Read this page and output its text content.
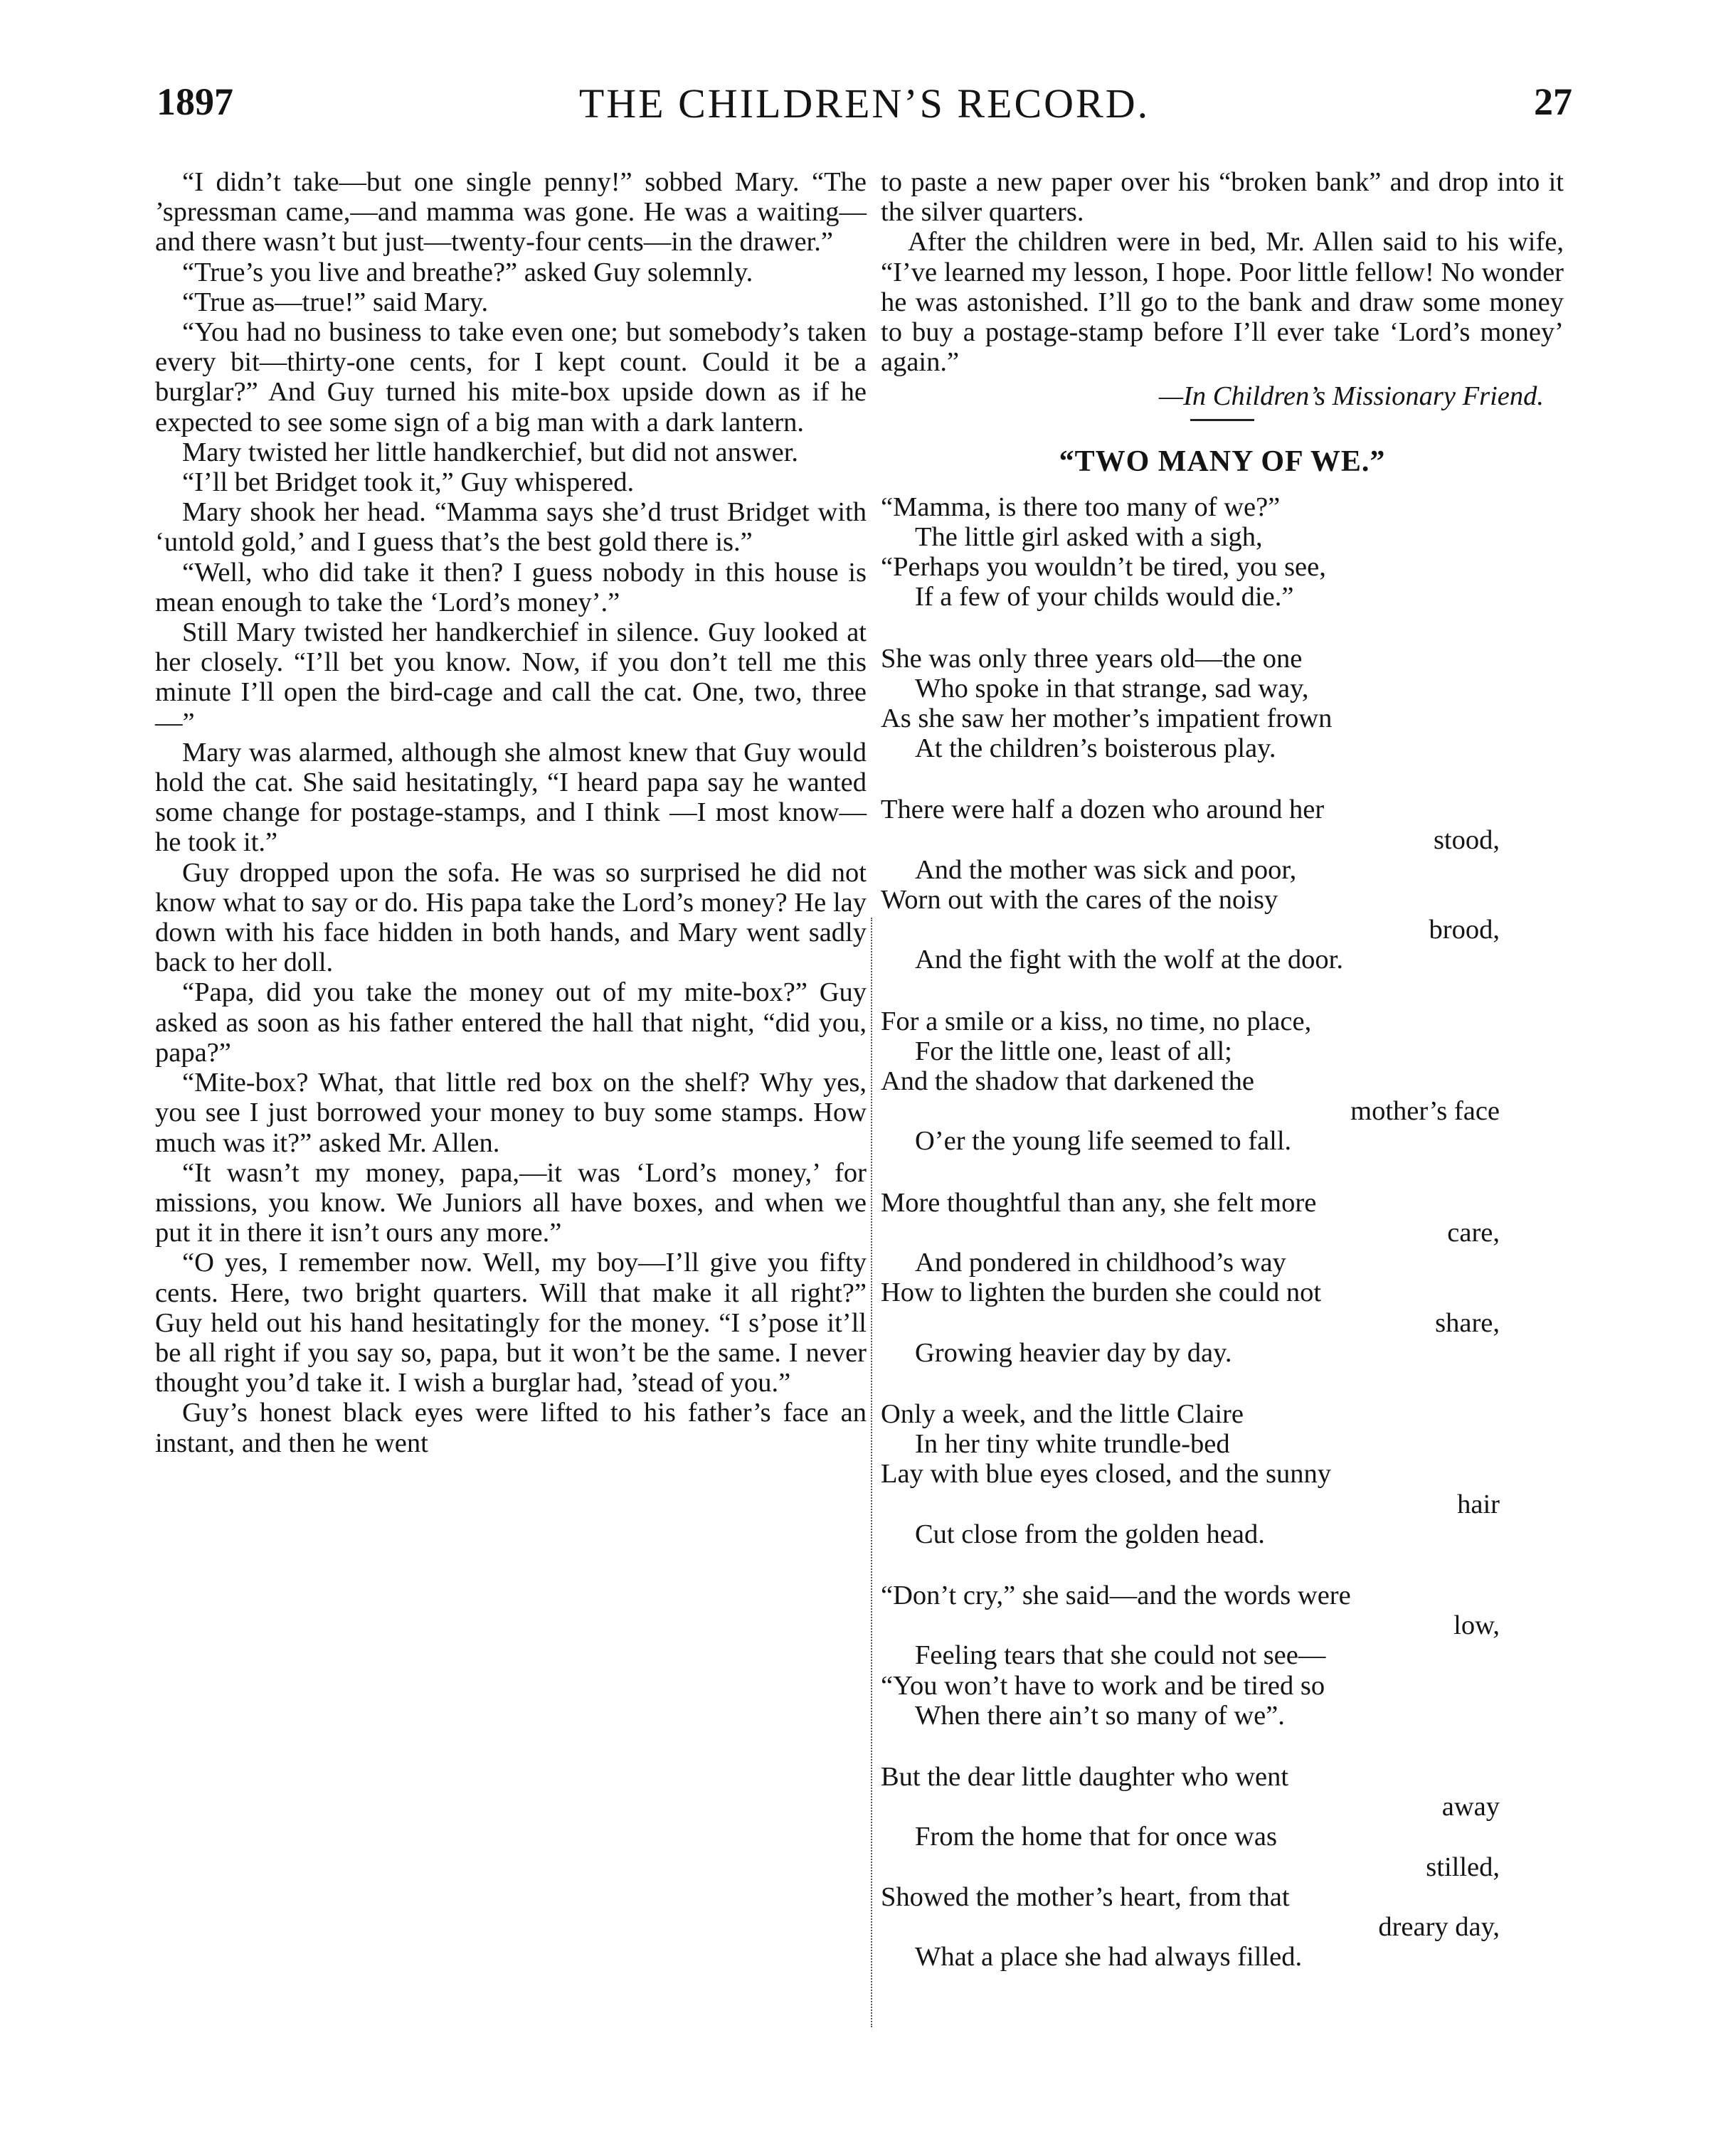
1897	THE CHILDREN’S RECORD.	27

“I didn’t take—but one single penny!” sobbed Mary. “The ’spressman came,—and mamma was gone. He was a waiting—and there wasn’t but just—twenty-four cents—in the drawer.”

“True’s you live and breathe?” asked Guy solemnly.

“True as—true!” said Mary.

“You had no business to take even one; but somebody’s taken every bit—thirty-one cents, for I kept count. Could it be a burglar?” And Guy turned his mite-box upside down as if he expected to see some sign of a big man with a dark lantern.

Mary twisted her little handkerchief, but did not answer.

“I’ll bet Bridget took it,” Guy whispered.

Mary shook her head. “Mamma says she’d trust Bridget with ‘untold gold,’ and I guess that’s the best gold there is.”

“Well, who did take it then? I guess nobody in this house is mean enough to take the ‘Lord’s money’.”

Still Mary twisted her handkerchief in silence. Guy looked at her closely. “I’ll bet you know. Now, if you don’t tell me this minute I’ll open the bird-cage and call the cat. One, two, three—”

Mary was alarmed, although she almost knew that Guy would hold the cat. She said hesitatingly, “I heard papa say he wanted some change for postage-stamps, and I think —I most know—he took it.”

Guy dropped upon the sofa. He was so surprised he did not know what to say or do. His papa take the Lord’s money? He lay down with his face hidden in both hands, and Mary went sadly back to her doll.

“Papa, did you take the money out of my mite-box?” Guy asked as soon as his father entered the hall that night, “did you, papa?”

“Mite-box? What, that little red box on the shelf? Why yes, you see I just borrowed your money to buy some stamps. How much was it?” asked Mr. Allen.

“It wasn’t my money, papa,—it was ‘Lord’s money,’ for missions, you know. We Juniors all have boxes, and when we put it in there it isn’t ours any more.”

“O yes, I remember now. Well, my boy—I’ll give you fifty cents. Here, two bright quarters. Will that make it all right?” Guy held out his hand hesitatingly for the money. “I s’pose it’ll be all right if you say so, papa, but it won’t be the same. I never thought you’d take it. I wish a burglar had, ’stead of you.”

Guy’s honest black eyes were lifted to his father’s face an instant, and then he went

to paste a new paper over his “broken bank” and drop into it the silver quarters.

After the children were in bed, Mr. Allen said to his wife, “I’ve learned my lesson, I hope. Poor little fellow! No wonder he was astonished. I’ll go to the bank and draw some money to buy a postage-stamp before I’ll ever take ‘Lord’s money’ again.”

—In Children’s Missionary Friend.

“TWO MANY OF WE.”

“Mamma, is there too many of we?”
The little girl asked with a sigh,
“Perhaps you wouldn’t be tired, you see,
If a few of your childs would die.”
She was only three years old—the one
Who spoke in that strange, sad way,
As she saw her mother’s impatient frown
At the children’s boisterous play.
There were half a dozen who around her
stood,
And the mother was sick and poor,
Worn out with the cares of the noisy
brood,
And the fight with the wolf at the door.
For a smile or a kiss, no time, no place,
For the little one, least of all;
And the shadow that darkened the
mother’s face
O’er the young life seemed to fall.
More thoughtful than any, she felt more
care,
And pondered in childhood’s way
How to lighten the burden she could not
share,
Growing heavier day by day.
Only a week, and the little Claire
In her tiny white trundle-bed
Lay with blue eyes closed, and the sunny
hair
Cut close from the golden head.
“Don’t cry,” she said—and the words were
low,
Feeling tears that she could not see—
“You won’t have to work and be tired so
When there ain’t so many of we”.
But the dear little daughter who went
away
From the home that for once was
stilled,
Showed the mother’s heart, from that
dreary day,
What a place she had always filled.
